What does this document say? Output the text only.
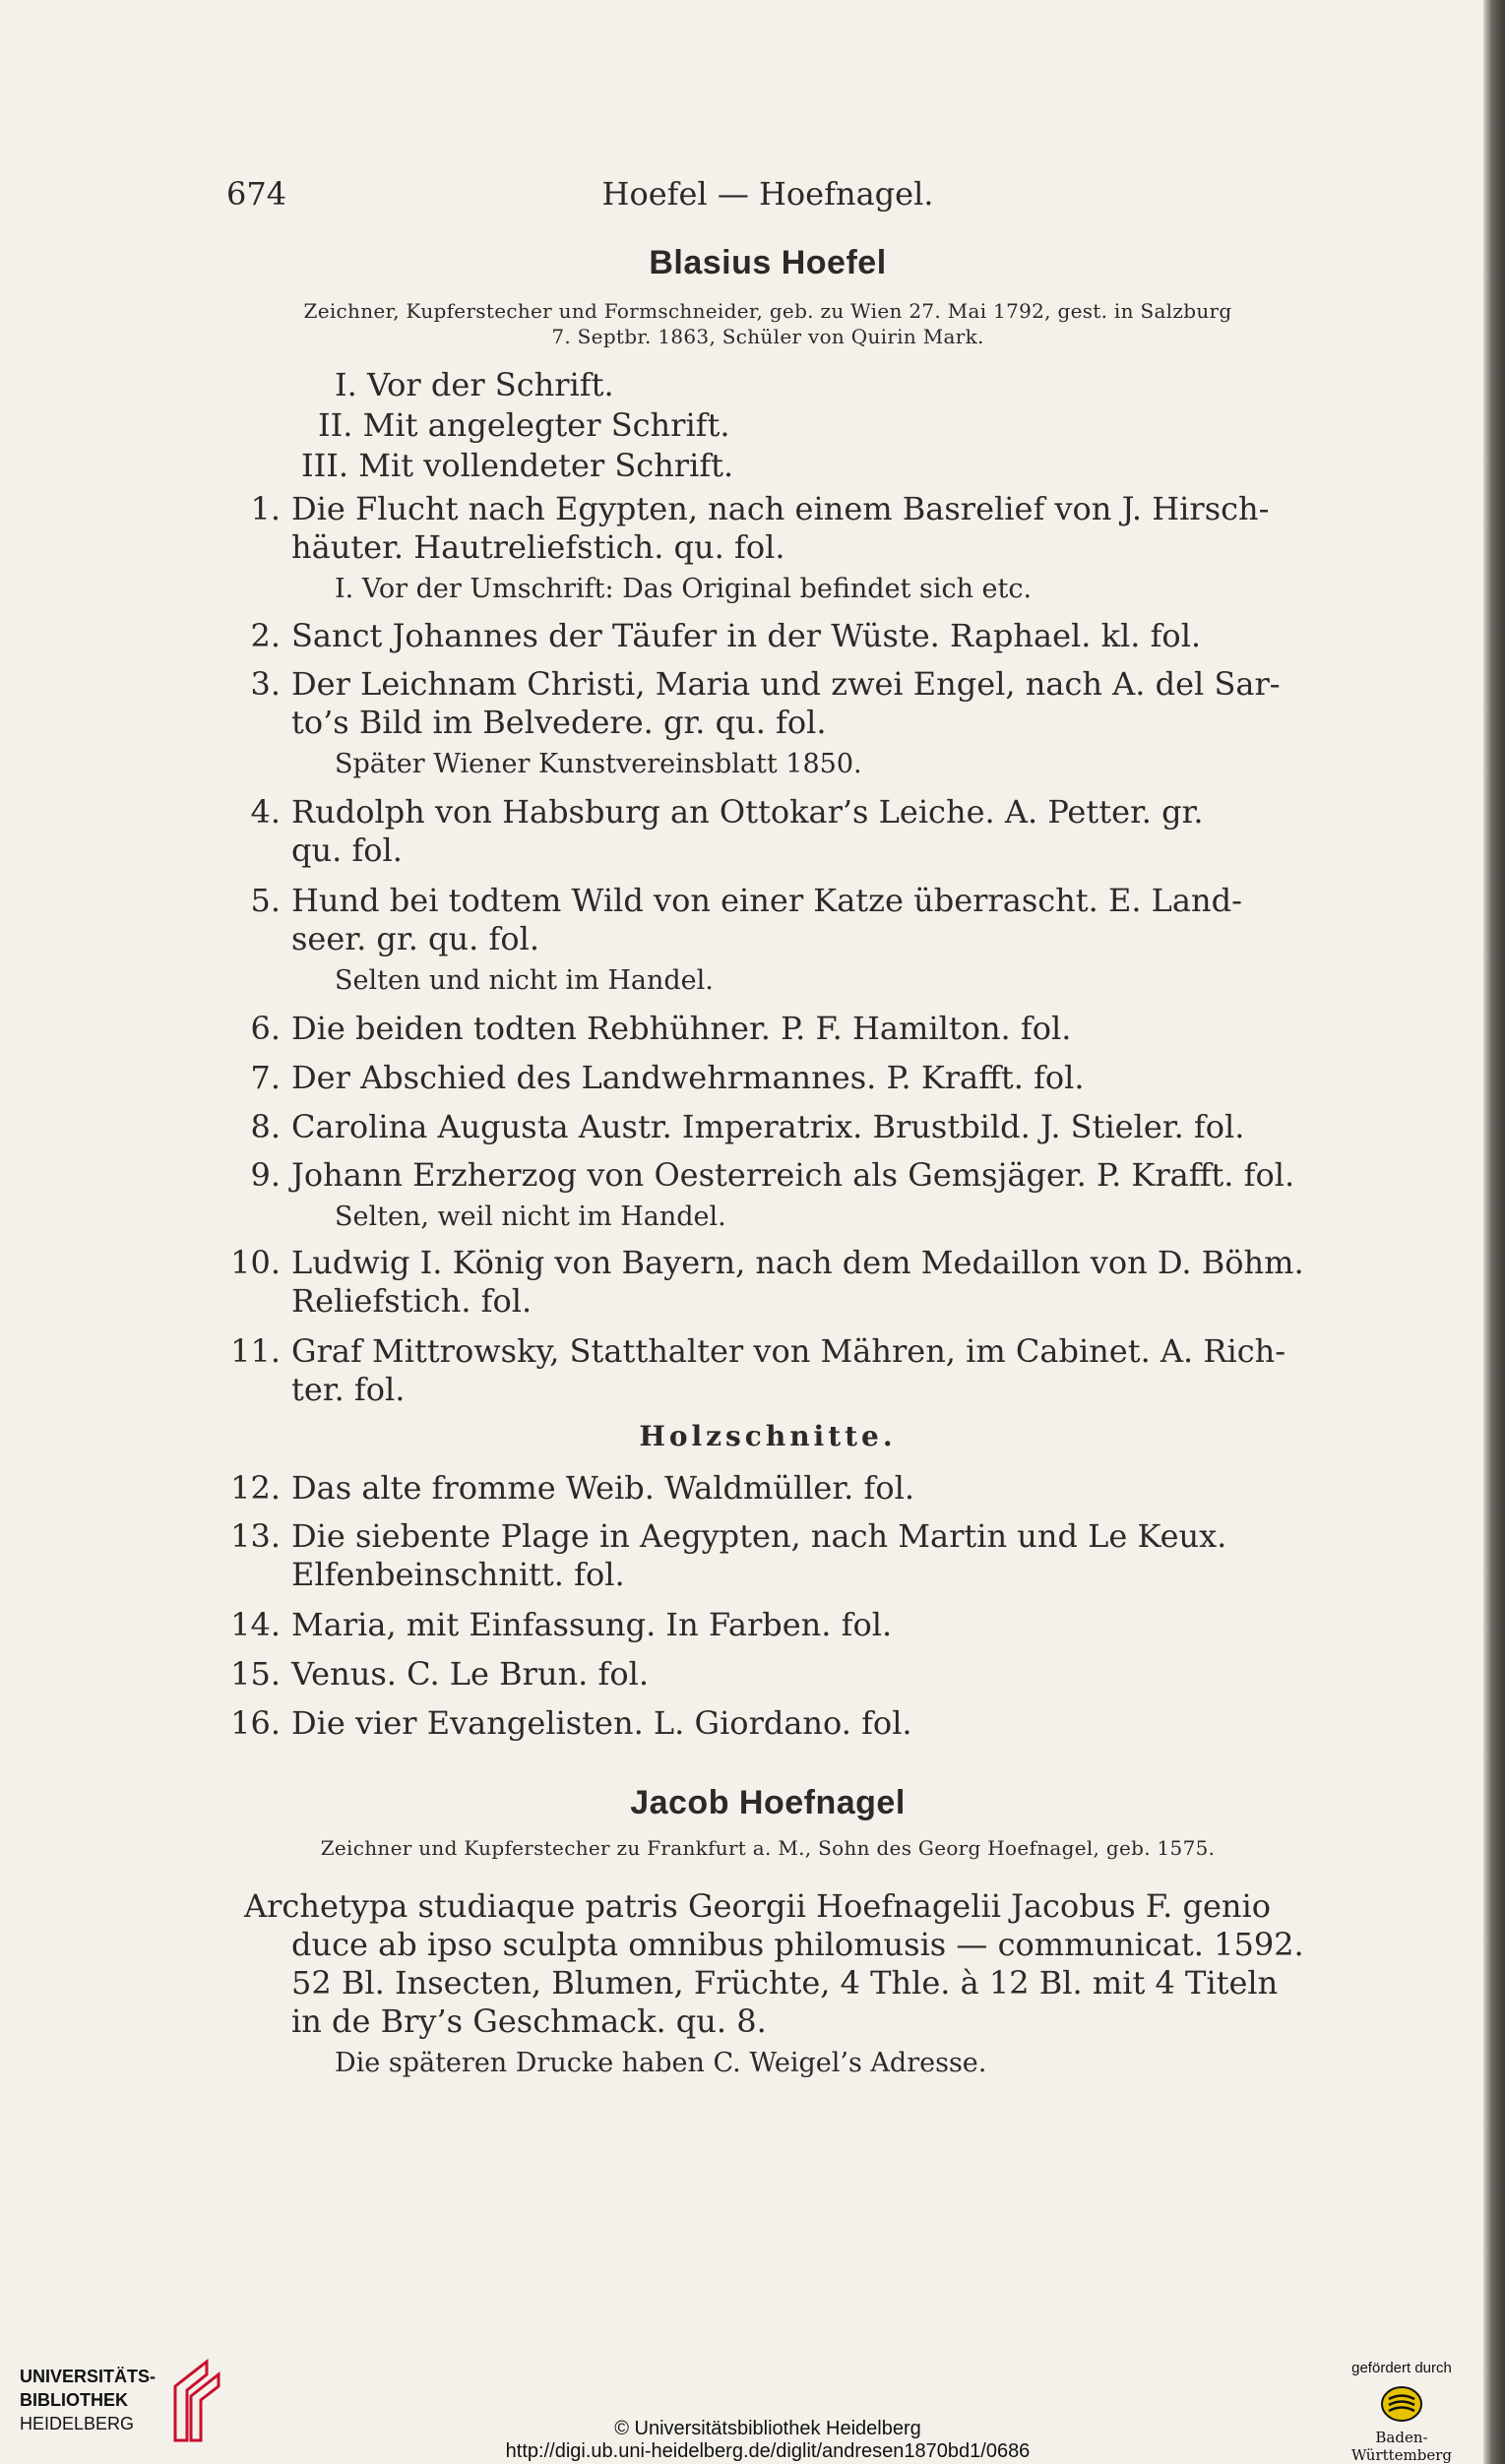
674	Hoefel — Hoefnagel.
Blasius Hoefel
Zeichner, Kupferstecher und Formschneider, geb. zu Wien 27. Mai 1792, gest. in Salzburg
7. Septbr. 1863, Schüler von Quirin Mark.
I. Vor der Schrift.
II. Mit angelegter Schrift.
III. Mit vollendeter Schrift.
1. Die Flucht nach Egypten, nach einem Basrelief von J. Hirsch-
häuter. Hautreliefstich. qu. fol.
I. Vor der Umschrift: Das Original befindet sich etc.
2. Sanct Johannes der Täufer in der Wüste. Raphael. kl. fol.
3. Der Leichnam Christi, Maria und zwei Engel, nach A. del Sar-
to’s Bild im Belvedere. gr. qu. fol.
Später Wiener Kunstvereinsblatt 1850.
4. Rudolph von Habsburg an Ottokar’s Leiche. A. Petter. gr.
qu. fol.
5. Hund bei todtem Wild von einer Katze überrascht. E. Land-
seer. gr. qu. fol.
Selten und nicht im Handel.
6. Die beiden todten Rebhühner. P. F. Hamilton. fol.
7. Der Abschied des Landwehrmannes. P. Krafft. fol.
8. Carolina Augusta Austr. Imperatrix. Brustbild. J. Stieler. fol.
9. Johann Erzherzog von Oesterreich als Gemsjäger. P. Krafft. fol.
Selten, weil nicht im Handel.
10. Ludwig I. König von Bayern, nach dem Medaillon von D. Böhm.
Reliefstich. fol.
11. Graf Mittrowsky, Statthalter von Mähren, im Cabinet. A. Rich-
ter. fol.
Holzschnitte.
12. Das alte fromme Weib. Waldmüller. fol.
13. Die siebente Plage in Aegypten, nach Martin und Le Keux.
Elfenbeinschnitt. fol.
14. Maria, mit Einfassung. In Farben. fol.
15. Venus. C. Le Brun. fol.
16. Die vier Evangelisten. L. Giordano. fol.
Jacob Hoefnagel
Zeichner und Kupferstecher zu Frankfurt a. M., Sohn des Georg Hoefnagel, geb. 1575.
Archetypa studiaque patris Georgii Hoefnagelii Jacobus F. genio
duce ab ipso sculpta omnibus philomusis — communicat. 1592.
52 Bl. Insecten, Blumen, Früchte, 4 Thle. à 12 Bl. mit 4 Titeln
in de Bry’s Geschmack. qu. 8.
Die späteren Drucke haben C. Weigel’s Adresse.
UNIVERSITÄTS-
BIBLIOTHEK
HEIDELBERG	© Universitätsbibliothek Heidelberg
http://digi.ub.uni-heidelberg.de/diglit/andresen1870bd1/0686
gefördert durch
Baden-Württemberg
